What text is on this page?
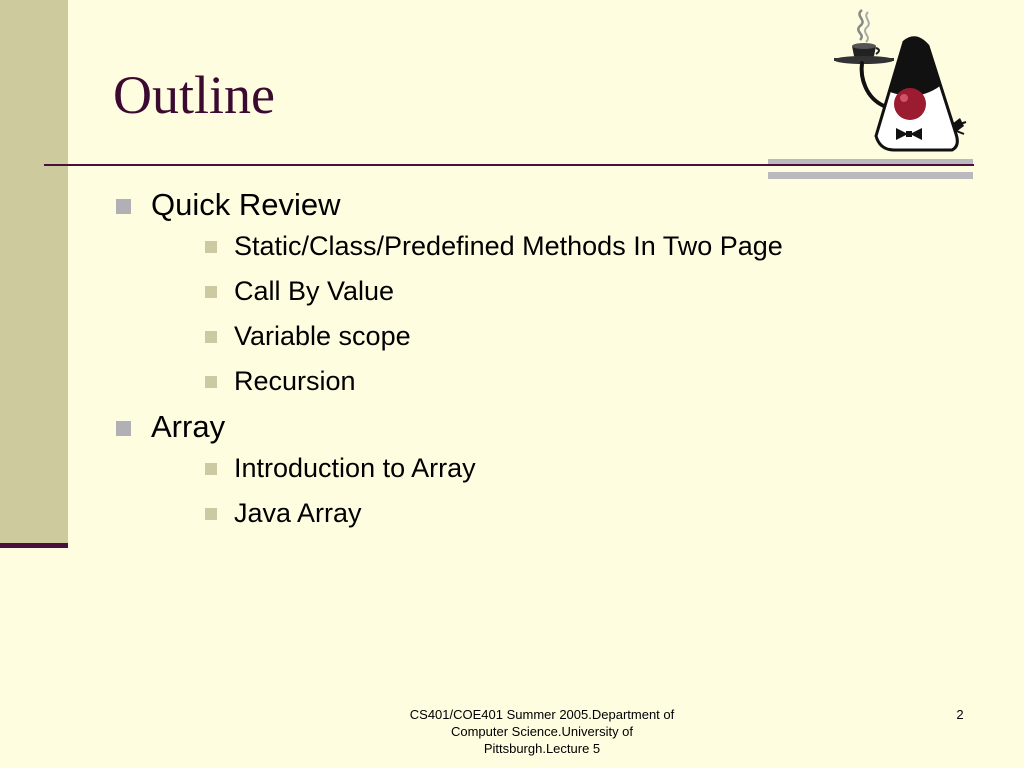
Outline
Quick Review
Static/Class/Predefined Methods In Two Page
Call By Value
Variable scope
Recursion
Array
Introduction to Array
Java Array
CS401/COE401 Summer 2005.Department of
Computer Science.University of
Pittsburgh.Lecture 5
2
